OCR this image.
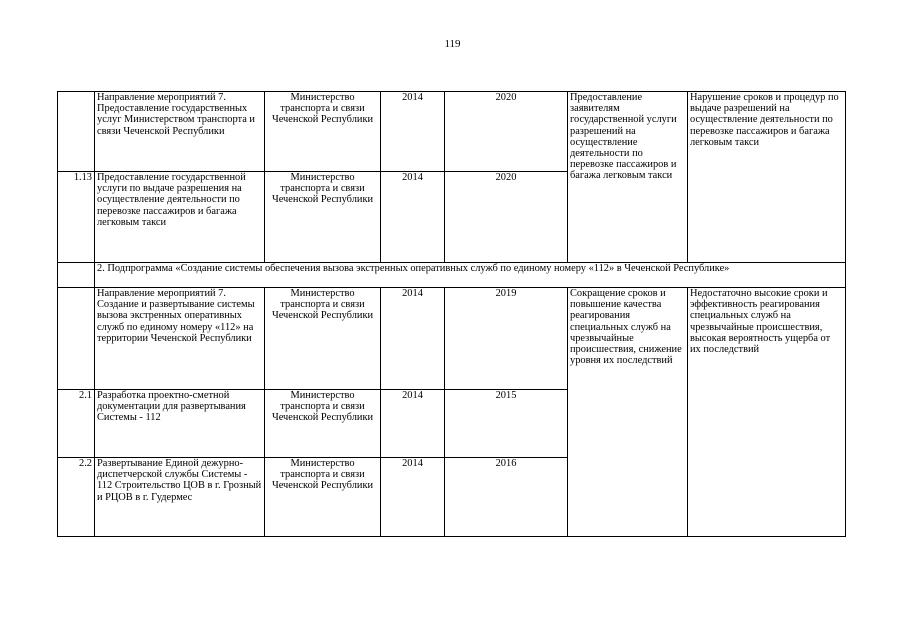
119
	Направление мероприятий 7. Предоставление государственных услуг Министерством транспорта и связи Чеченской Республики	Министерство транспорта и связи Чеченской Республики	2014	2020	Предоставление заявителям государственной услуги разрешений на осуществление деятельности по перевозке пассажиров и багажа легковым такси	Нарушение сроков и процедур по выдаче разрешений на осуществление деятельности по перевозке пассажиров и багажа легковым такси
1.13	Предоставление государственной услуги по выдаче разрешения на осуществление деятельности по перевозке пассажиров и багажа легковым такси	Министерство транспорта и связи Чеченской Республики	2014	2020		
	2. Подпрограмма «Создание системы обеспечения вызова экстренных оперативных служб по единому номеру «112» в Чеченской Республике»					
	Направление мероприятий 7. Создание и развертывание системы вызова экстренных оперативных служб по единому номеру «112» на территории Чеченской Республики	Министерство транспорта и связи Чеченской Республики	2014	2019	Сокращение сроков и повышение качества реагирования специальных служб на чрезвычайные происшествия, снижение уровня их последствий	Недостаточно высокие сроки и эффективность реагирования специальных служб на чрезвычайные происшествия, высокая вероятность ущерба от их последствий
2.1	Разработка проектно-сметной документации для развертывания Системы - 112	Министерство транспорта и связи Чеченской Республики	2014	2015		
2.2	Развертывание Единой дежурно-диспетчерской службы Системы - 112 Строительство ЦОВ в г. Грозный и РЦОВ в г. Гудермес	Министерство транспорта и связи Чеченской Республики	2014	2016		
